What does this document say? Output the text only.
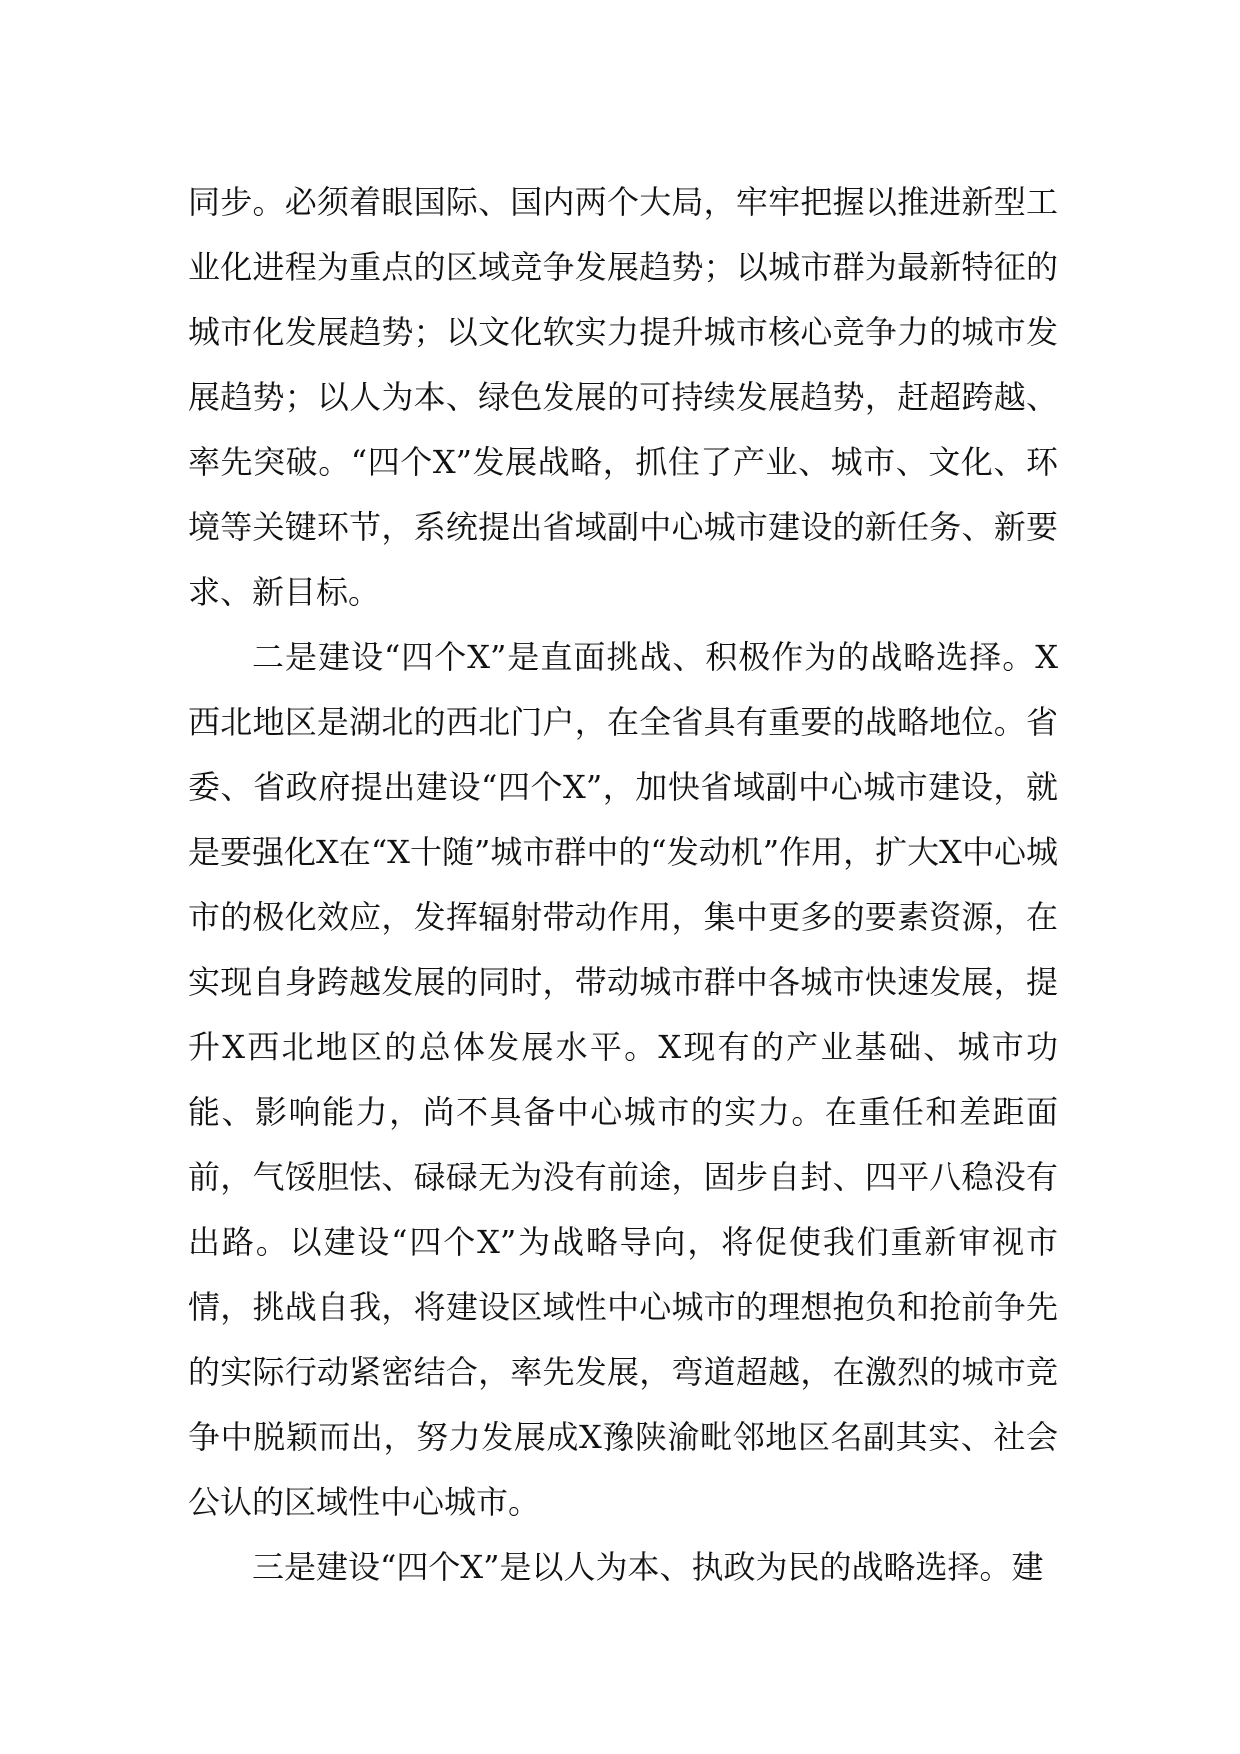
同步。必须着眼国际、国内两个大局，牢牢把握以推进新型工业化进程为重点的区域竞争发展趋势；以城市群为最新特征的城市化发展趋势；以文化软实力提升城市核心竞争力的城市发展趋势；以人为本、绿色发展的可持续发展趋势，赶超跨越、率先突破。“四个X”发展战略，抓住了产业、城市、文化、环境等关键环节，系统提出省域副中心城市建设的新任务、新要求、新目标。

二是建设“四个X”是直面挑战、积极作为的战略选择。X西北地区是湖北的西北门户，在全省具有重要的战略地位。省委、省政府提出建设“四个X”，加快省域副中心城市建设，就是要强化X在“X十随”城市群中的“发动机”作用，扩大X中心城市的极化效应，发挥辐射带动作用，集中更多的要素资源，在实现自身跨越发展的同时，带动城市群中各城市快速发展，提升X西北地区的总体发展水平。X现有的产业基础、城市功能、影响能力，尚不具备中心城市的实力。在重任和差距面前，气馁胆怯、碌碌无为没有前途，固步自封、四平八稳没有出路。以建设“四个X”为战略导向，将促使我们重新审视市情，挑战自我，将建设区域性中心城市的理想抱负和抢前争先的实际行动紧密结合，率先发展，弯道超越，在激烈的城市竞争中脱颖而出，努力发展成X豫陕渝毗邻地区名副其实、社会公认的区域性中心城市。

三是建设“四个X”是以人为本、执政为民的战略选择。建
